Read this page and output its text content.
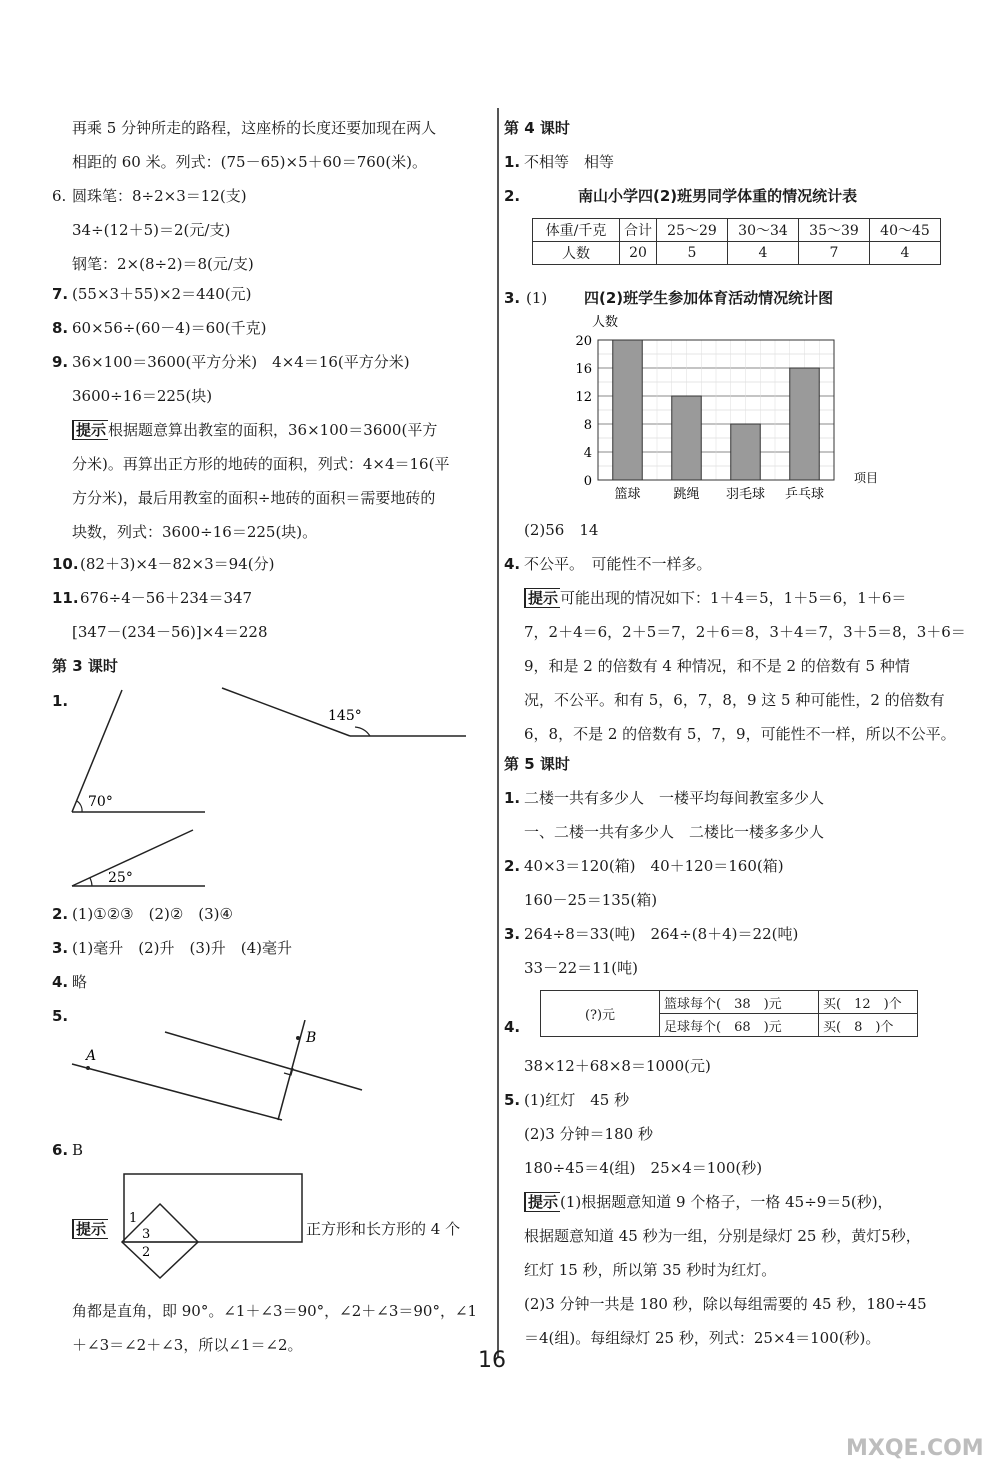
再乘 5 分钟所走的路程，这座桥的长度还要加现在两人
相距的 60 米。列式：(75－65)×5＋60＝760(米)。
6. 圆珠笔：8÷2×3＝12(支)
34÷(12＋5)＝2(元/支)
钢笔：2×(8÷2)＝8(元/支)
7. (55×3＋55)×2＝440(元)
8. 60×56÷(60－4)＝60(千克)
9. 36×100＝3600(平方分米)　4×4＝16(平方分米)
3600÷16＝225(块)
提示 根据题意算出教室的面积，36×100＝3600(平方
分米)。再算出正方形的地砖的面积，列式：4×4＝16(平
方分米)，最后用教室的面积÷地砖的面积＝需要地砖的
块数，列式：3600÷16＝225(块)。
10. (82＋3)×4－82×3＝94(分)
11. 676÷4－56＋234＝347
[347－(234－56)]×4＝228
第 3 课时
1.
70°
145°
25°
2. (1)①②③　(2)②　(3)④
3. (1)毫升　(2)升　(3)升　(4)毫升
4. 略
5.
A
B
6. B
1
3
2
提示	正方形和长方形的 4 个
角都是直角，即 90°。∠1＋∠3＝90°，∠2＋∠3＝90°，∠1
＋∠3＝∠2＋∠3，所以∠1＝∠2。
第 4 课时
1. 不相等　相等
2.	南山小学四(2)班男同学体重的情况统计表
体重/千克	合计	25～29	30～34	35～39	40～45
人数	20	5	4	7	4
3. (1) 四(2)班学生参加体育活动情况统计图
0
4
8
12
16
20
人数
项目
篮球	跳绳 羽毛球 乒乓球
(2)56　14
4. 不公平。　可能性不一样多。
提示 可能出现的情况如下：1＋4＝5，1＋5＝6，1＋6＝
7，2＋4＝6，2＋5＝7，2＋6＝8，3＋4＝7，3＋5＝8，3＋6＝
9，和是 2 的倍数有 4 种情况，和不是 2 的倍数有 5 种情
况，不公平。和有 5，6，7，8，9 这 5 种可能性，2 的倍数有
6，8，不是 2 的倍数有 5，7，9，可能性不一样，所以不公平。
第 5 课时
1. 二楼一共有多少人　一楼平均每间教室多少人
一、二楼一共有多少人　二楼比一楼多多少人
2. 40×3＝120(箱)　40＋120＝160(箱)
160－25＝135(箱)
3. 264÷8＝33(吨)　264÷(8＋4)＝22(吨)
33－22＝11(吨)
4.
(?)元	篮球每个(　38　)元	买(　12　)个
	足球每个(　68　)元	买(　8　)个
38×12＋68×8＝1000(元)
5. (1)红灯　45 秒
(2)3 分钟＝180 秒
180÷45＝4(组)　25×4＝100(秒)
提示 (1)根据题意知道 9 个格子，一格 45÷9＝5(秒)，
根据题意知道 45 秒为一组，分别是绿灯 25 秒，黄灯5秒，
红灯 15 秒，所以第 35 秒时为红灯。
(2)3 分钟一共是 180 秒，除以每组需要的 45 秒，180÷45
＝4(组)。每组绿灯 25 秒，列式：25×4＝100(秒)。
16
MXQE.COM
